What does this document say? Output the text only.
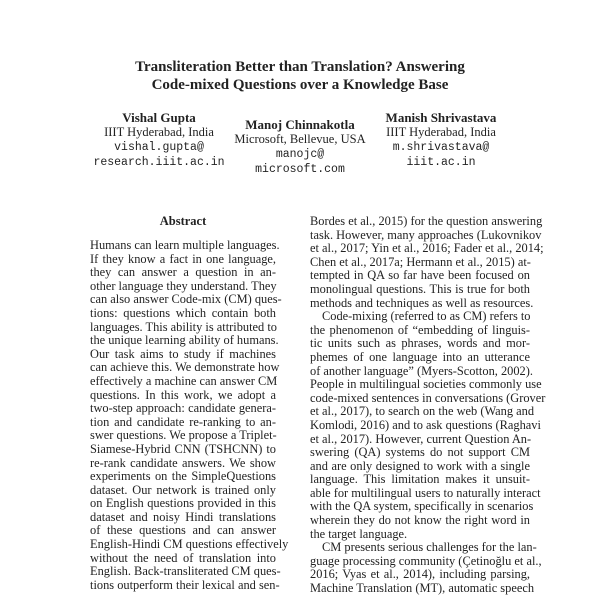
Transliteration Better than Translation? Answering
Code-mixed Questions over a Knowledge Base
Vishal Gupta
IIIT Hyderabad, India
vishal.gupta@
research.iiit.ac.in
Manoj Chinnakotla
Microsoft, Bellevue, USA
manojc@
microsoft.com
Manish Shrivastava
IIIT Hyderabad, India
m.shrivastava@
iiit.ac.in
Abstract
Humans can learn multiple languages.
If they know a fact in one language,
they can answer a question in an-
other language they understand. They
can also answer Code-mix (CM) ques-
tions: questions which contain both
languages. This ability is attributed to
the unique learning ability of humans.
Our task aims to study if machines
can achieve this. We demonstrate how
effectively a machine can answer CM
questions. In this work, we adopt a
two-step approach: candidate genera-
tion and candidate re-ranking to an-
swer questions. We propose a Triplet-
Siamese-Hybrid CNN (TSHCNN) to
re-rank candidate answers. We show
experiments on the SimpleQuestions
dataset. Our network is trained only
on English questions provided in this
dataset and noisy Hindi translations
of these questions and can answer
English-Hindi CM questions effectively
without the need of translation into
English. Back-transliterated CM ques-
tions outperform their lexical and sen-
Bordes et al., 2015) for the question answering
task. However, many approaches (Lukovnikov
et al., 2017; Yin et al., 2016; Fader et al., 2014;
Chen et al., 2017a; Hermann et al., 2015) at-
tempted in QA so far have been focused on
monolingual questions. This is true for both
methods and techniques as well as resources.
Code-mixing (referred to as CM) refers to
the phenomenon of “embedding of linguis-
tic units such as phrases, words and mor-
phemes of one language into an utterance
of another language” (Myers-Scotton, 2002).
People in multilingual societies commonly use
code-mixed sentences in conversations (Grover
et al., 2017), to search on the web (Wang and
Komlodi, 2016) and to ask questions (Raghavi
et al., 2017). However, current Question An-
swering (QA) systems do not support CM
and are only designed to work with a single
language. This limitation makes it unsuit-
able for multilingual users to naturally interact
with the QA system, specifically in scenarios
wherein they do not know the right word in
the target language.
CM presents serious challenges for the lan-
guage processing community (Çetinoğlu et al.,
2016; Vyas et al., 2014), including parsing,
Machine Translation (MT), automatic speech
